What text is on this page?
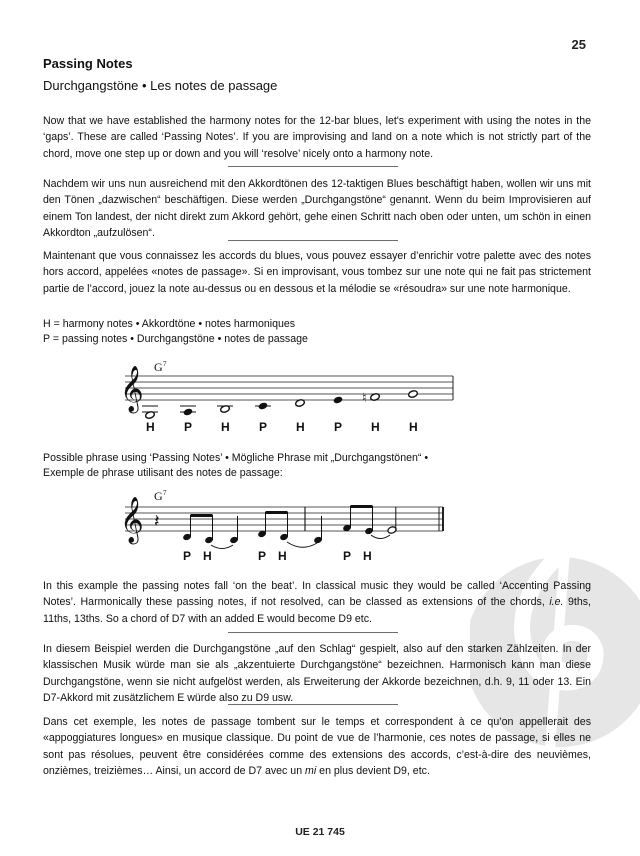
25
Passing Notes
Durchgangstöne • Les notes de passage
Now that we have established the harmony notes for the 12-bar blues, let's experiment with using the notes in the ‘gaps’. These are called ‘Passing Notes’. If you are improvising and land on a note which is not strictly part of the chord, move one step up or down and you will ‘resolve’ nicely onto a harmony note.
Nachdem wir uns nun ausreichend mit den Akkordtönen des 12-taktigen Blues beschäftigt haben, wollen wir uns mit den Tönen „dazwischen“ beschäftigen. Diese werden „Durchgangstöne“ genannt. Wenn du beim Improvisieren auf einem Ton landest, der nicht direkt zum Akkord gehört, gehe einen Schritt nach oben oder unten, um schön in einen Akkordton „aufzulösen“.
Maintenant que vous connaissez les accords du blues, vous pouvez essayer d’enrichir votre palette avec des notes hors accord, appelées «notes de passage». Si en improvisant, vous tombez sur une note qui ne fait pas strictement partie de l’accord, jouez la note au-dessus ou en dessous et la mélodie se «résoudra» sur une note harmonique.
H = harmony notes • Akkordtöne • notes harmoniques
P = passing notes • Durchgangstöne • notes de passage
𝄞 G 7
♮
H P H P H P H H
Possible phrase using ‘Passing Notes’ • Mögliche Phrase mit „Durchgangstönen“ •
Exemple de phrase utilisant des notes de passage:
𝄞
G 7
𝄽
P H	P H	P H
In this example the passing notes fall ‘on the beat’. In classical music they would be called ‘Accenting Passing Notes’. Harmonically these passing notes, if not resolved, can be classed as extensions of the chords, i.e. 9ths, 11ths, 13ths. So a chord of D7 with an added E would become D9 etc.
In diesem Beispiel werden die Durchgangstöne „auf den Schlag“ gespielt, also auf den starken Zählzeiten. In der klassischen Musik würde man sie als „akzentuierte Durchgangstöne“ bezeichnen. Harmonisch kann man diese Durchgangstöne, wenn sie nicht aufgelöst werden, als Erweiterung der Akkorde bezeichnen, d.h. 9, 11 oder 13. Ein D7-Akkord mit zusätzlichem E würde also zu D9 usw.
Dans cet exemple, les notes de passage tombent sur le temps et correspondent à ce qu’on appellerait des «appoggiatures longues» en musique classique. Du point de vue de l’harmonie, ces notes de passage, si elles ne sont pas résolues, peuvent être considérées comme des extensions des accords, c’est-à-dire des neuvièmes, onzièmes, treizièmes… Ainsi, un accord de D7 avec un mi en plus devient D9, etc.
UE 21 745
